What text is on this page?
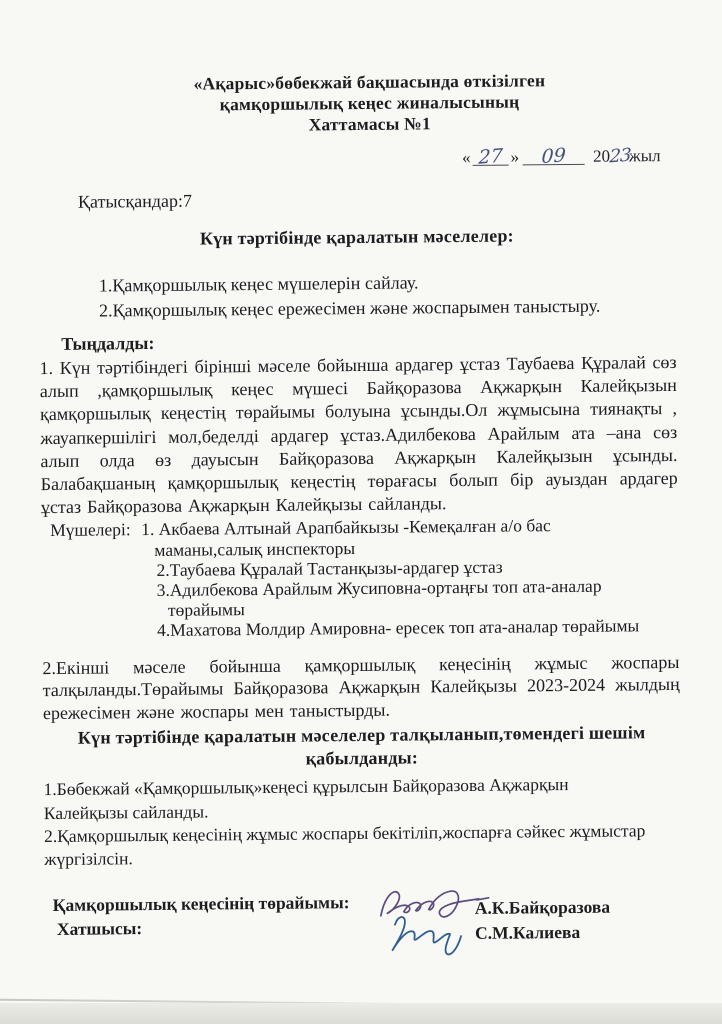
«Ақарыс»бөбекжай бақшасында өткізілген
қамқоршылық кеңес жиналысының
Хаттамасы №1
« 27 » 09 2023жыл
Қатысқандар:7
Күн тәртібінде қаралатын мәселелер:
1.Қамқоршылық кеңес мүшелерін сайлау.
2.Қамқоршылық кеңес ережесімен және жоспарымен таныстыру.
Тыңдалды:

1. Күн тәртібіндегі бірінші мәселе бойынша ардагер ұстаз Таубаева Құралай сөз алып ,қамқоршылық кеңес мүшесі Байқоразова Ақжарқын Калейқызын қамқоршылық кеңестің төрайымы болуына ұсынды.Ол жұмысына тиянақты , жауапкершілігі мол,беделді ардагер ұстаз.Адилбекова Арайлым ата –ана сөз алып олда өз дауысын Байқоразова Ақжарқын Калейқызын ұсынды. Балабақшаның қамқоршылық кеңестің төрағасы болып бір ауыздан ардагер ұстаз Байқоразова Ақжарқын Калейқызы сайланды.

Мүшелері: 1. Акбаева Алтынай Арапбайкызы -Кемеқалған а/о бас
маманы,салық инспекторы
2.Таубаева Құралай Тастанқызы-ардагер ұстаз
3.Адилбекова Арайлым Жусиповна-ортаңғы топ ата-аналар
төрайымы
4.Махатова Молдир Амировна- ересек топ ата-аналар төрайымы

2.Екінші мәселе бойынша қамқоршылық кеңесінің жұмыс жоспары талқыланды.Төрайымы Байқоразова Ақжарқын Калейқызы 2023-2024 жылдың ережесімен және жоспары мен таныстырды.

Күн тәртібінде қаралатын мәселелер талқыланып,төмендегі шешім
қабылданды:
1.Бөбекжай «Қамқоршылық»кеңесі құрылсын Байқоразова Ақжарқын
Калейқызы сайланды.
2.Қамқоршылық кеңесінің жұмыс жоспары бекітіліп,жоспарға сәйкес жұмыстар
жүргізілсін.
Қамқоршылық кеңесінің төрайымы:
Хатшысы:
А.К.Байқоразова
С.М.Калиева
